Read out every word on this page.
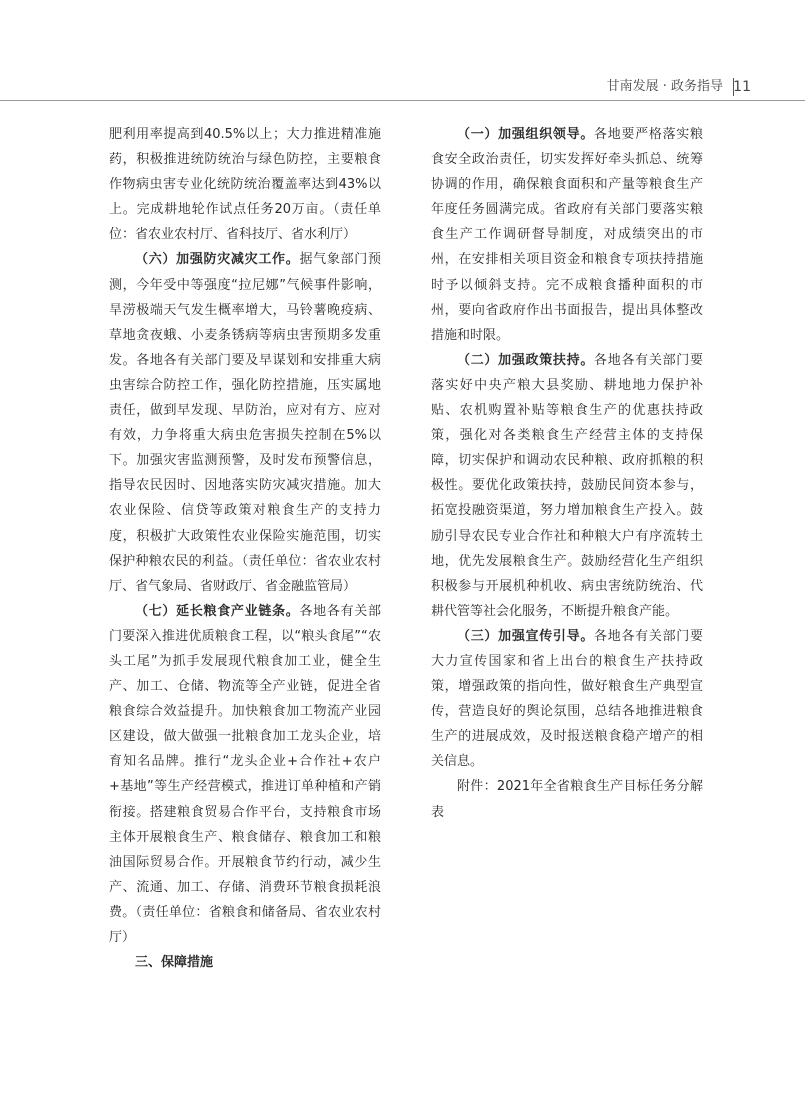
甘南发展 · 政务指导 11

肥利用率提高到40.5%以上；大力推进精准施药，积极推进统防统治与绿色防控，主要粮食作物病虫害专业化统防统治覆盖率达到43%以上。完成耕地轮作试点任务20万亩。（责任单位：省农业农村厅、省科技厅、省水利厅）

（六）加强防灾减灾工作。据气象部门预测，今年受中等强度“拉尼娜”气候事件影响，旱涝极端天气发生概率增大，马铃薯晚疫病、草地贪夜蛾、小麦条锈病等病虫害预期多发重发。各地各有关部门要及早谋划和安排重大病虫害综合防控工作，强化防控措施，压实属地责任，做到早发现、早防治，应对有方、应对有效，力争将重大病虫危害损失控制在5%以下。加强灾害监测预警，及时发布预警信息，指导农民因时、因地落实防灾减灾措施。加大农业保险、信贷等政策对粮食生产的支持力度，积极扩大政策性农业保险实施范围，切实保护种粮农民的利益。（责任单位：省农业农村厅、省气象局、省财政厅、省金融监管局）

（七）延长粮食产业链条。各地各有关部门要深入推进优质粮食工程，以“粮头食尾”“农头工尾”为抓手发展现代粮食加工业，健全生产、加工、仓储、物流等全产业链，促进全省粮食综合效益提升。加快粮食加工物流产业园区建设，做大做强一批粮食加工龙头企业，培育知名品牌。推行“龙头企业+合作社+农户+基地”等生产经营模式，推进订单种植和产销衔接。搭建粮食贸易合作平台，支持粮食市场主体开展粮食生产、粮食储存、粮食加工和粮油国际贸易合作。开展粮食节约行动，减少生产、流通、加工、存储、消费环节粮食损耗浪费。（责任单位：省粮食和储备局、省农业农村厅）

三、保障措施

（一）加强组织领导。各地要严格落实粮食安全政治责任，切实发挥好牵头抓总、统筹协调的作用，确保粮食面积和产量等粮食生产年度任务圆满完成。省政府有关部门要落实粮食生产工作调研督导制度，对成绩突出的市州，在安排相关项目资金和粮食专项扶持措施时予以倾斜支持。完不成粮食播种面积的市州，要向省政府作出书面报告，提出具体整改措施和时限。

（二）加强政策扶持。各地各有关部门要落实好中央产粮大县奖励、耕地地力保护补贴、农机购置补贴等粮食生产的优惠扶持政策，强化对各类粮食生产经营主体的支持保障，切实保护和调动农民种粮、政府抓粮的积极性。要优化政策扶持，鼓励民间资本参与，拓宽投融资渠道，努力增加粮食生产投入。鼓励引导农民专业合作社和种粮大户有序流转土地，优先发展粮食生产。鼓励经营化生产组织积极参与开展机种机收、病虫害统防统治、代耕代管等社会化服务，不断提升粮食产能。

（三）加强宣传引导。各地各有关部门要大力宣传国家和省上出台的粮食生产扶持政策，增强政策的指向性，做好粮食生产典型宣传，营造良好的舆论氛围，总结各地推进粮食生产的进展成效，及时报送粮食稳产增产的相关信息。

附件：2021年全省粮食生产目标任务分解表
